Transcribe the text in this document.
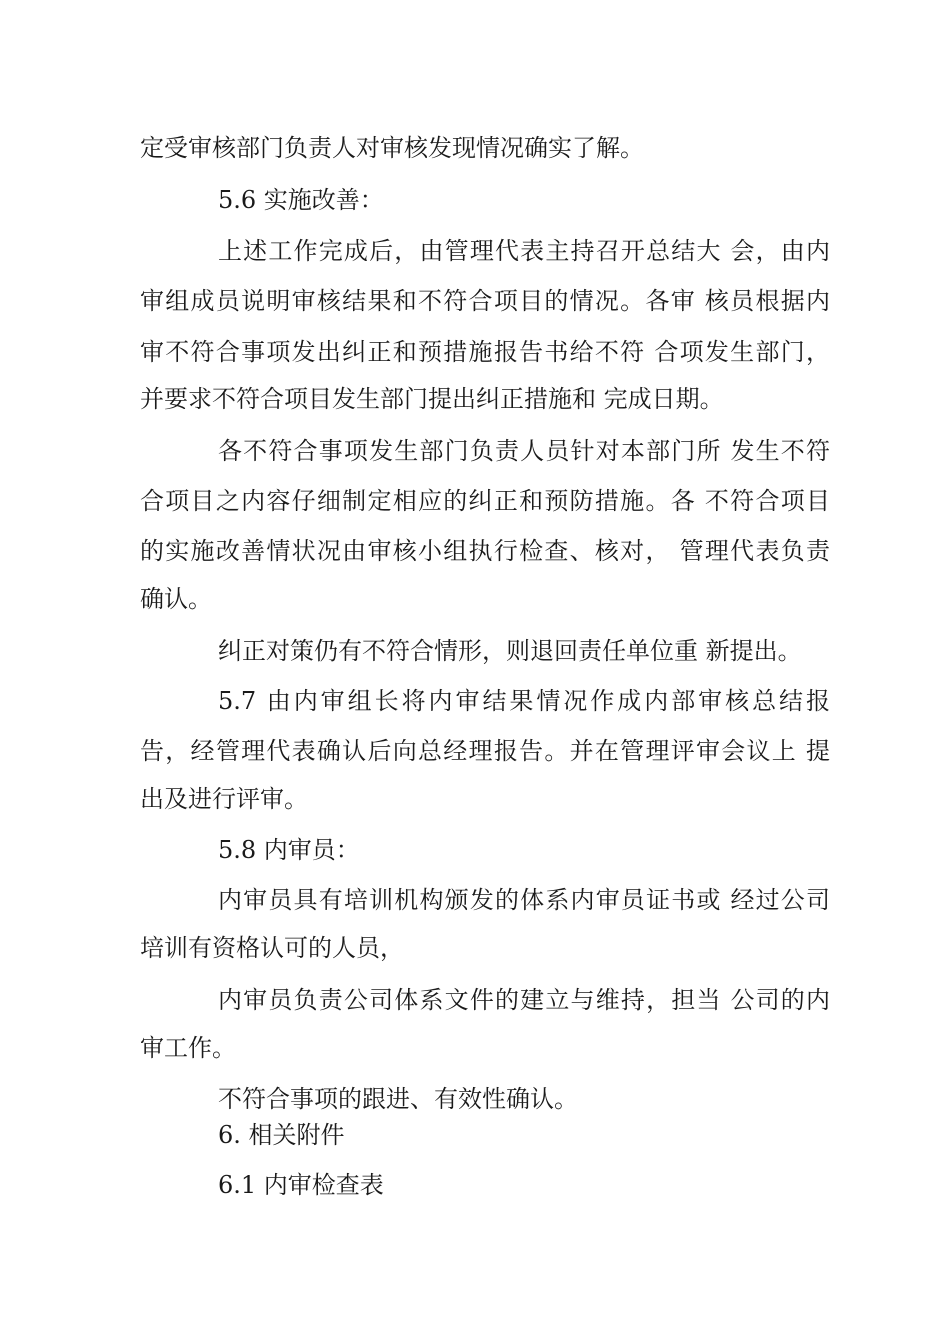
定受审核部门负责人对审核发现情况确实了解。
5.6 实施改善：
上述工作完成后，由管理代表主持召开总结大 会，由内
审组成员说明审核结果和不符合项目的情况。各审 核员根据内
审不符合事项发出纠正和预措施报告书给不符 合项发生部门，
并要求不符合项目发生部门提出纠正措施和 完成日期。
各不符合事项发生部门负责人员针对本部门所 发生不符
合项目之内容仔细制定相应的纠正和预防措施。各 不符合项目
的实施改善情状况由审核小组执行检查、核对， 管理代表负责
确认。
纠正对策仍有不符合情形，则退回责任单位重 新提出。
5.7 由内审组长将内审结果情况作成内部审核总结报
告，经管理代表确认后向总经理报告。并在管理评审会议上 提
出及进行评审。
5.8 内审员：
内审员具有培训机构颁发的体系内审员证书或 经过公司
培训有资格认可的人员，
内审员负责公司体系文件的建立与维持，担当 公司的内
审工作。
不符合事项的跟进、有效性确认。
6. 相关附件
6.1 内审检查表
